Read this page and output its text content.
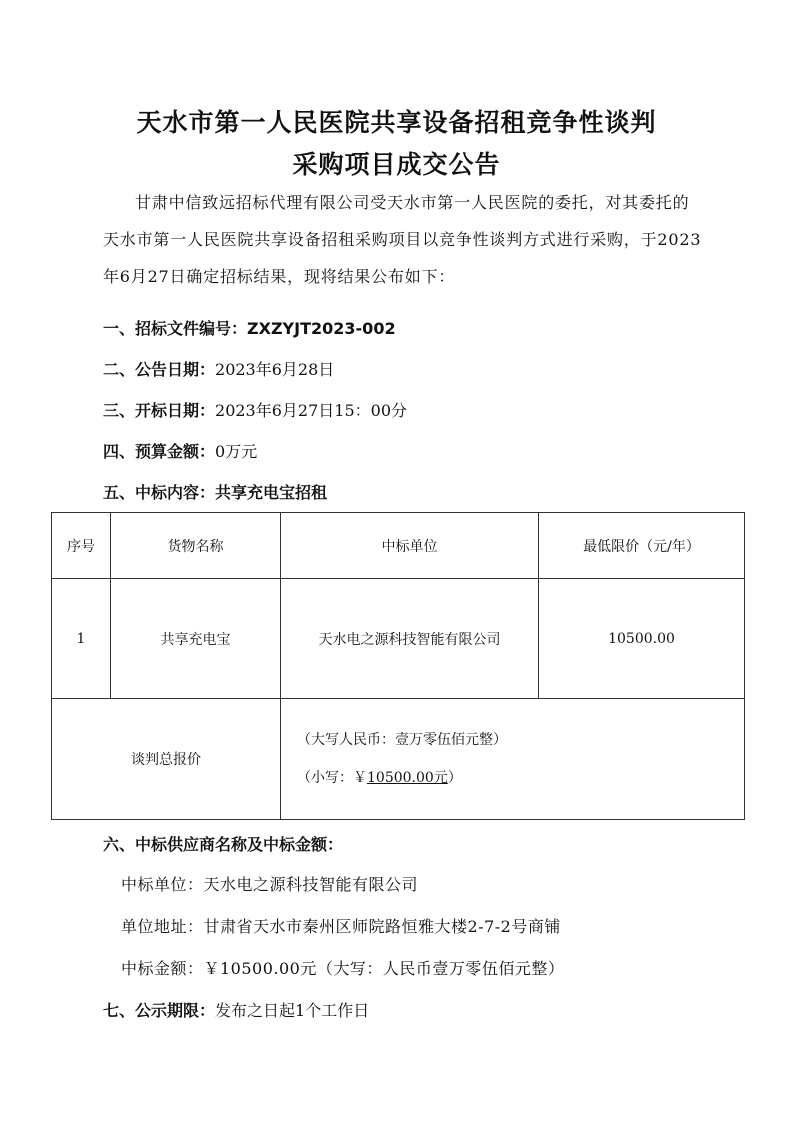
天水市第一人民医院共享设备招租竞争性谈判
采购项目成交公告

甘肃中信致远招标代理有限公司受天水市第一人民医院的委托，对其委托的天水市第一人民医院共享设备招租采购项目以竞争性谈判方式进行采购，于2023年6月27日确定招标结果，现将结果公布如下：

一、招标文件编号：ZXZYJT2023-002
二、公告日期：2023年6月28日
三、开标日期：2023年6月27日15：00分
四、预算金额：0万元
五、中标内容：共享充电宝招租
序号	货物名称	中标单位	最低限价（元/年）
1	共享充电宝	天水电之源科技智能有限公司	10500.00
谈判总报价		（大写人民币：壹万零伍佰元整）
（小写：￥10500.00元）	
六、中标供应商名称及中标金额：
中标单位：天水电之源科技智能有限公司
单位地址：甘肃省天水市秦州区师院路恒雅大楼2-7-2号商铺
中标金额：￥10500.00元（大写：人民币壹万零伍佰元整）
七、公示期限：发布之日起1个工作日
